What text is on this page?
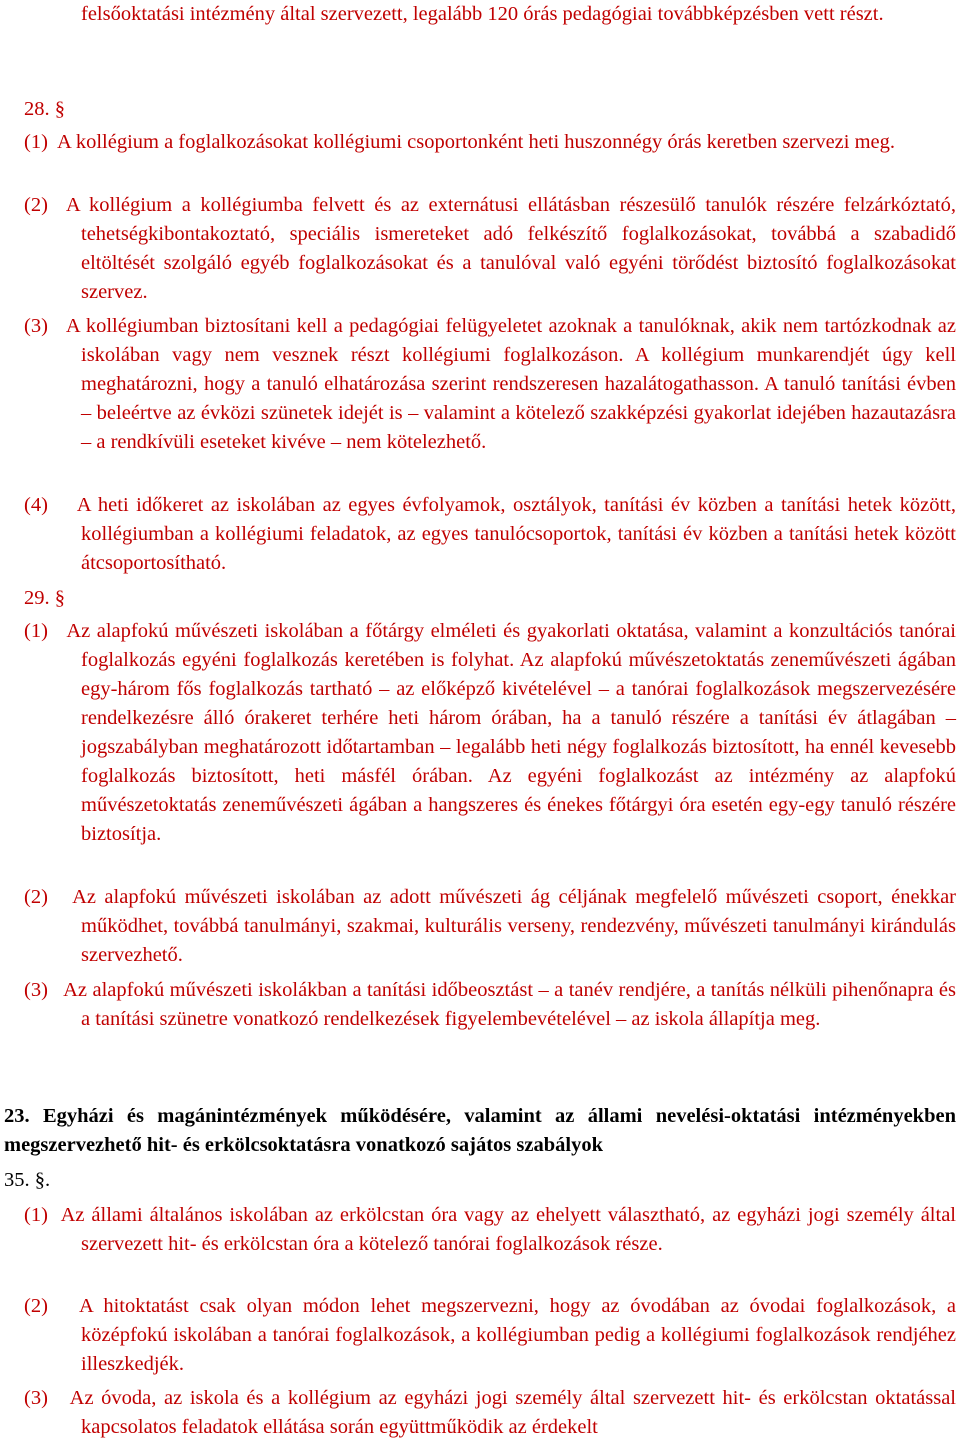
felsőoktatási intézmény által szervezett, legalább 120 órás pedagógiai továbbképzésben vett részt.

28. §

(1) A kollégium a foglalkozásokat kollégiumi csoportonként heti huszonnégy órás keretben szervezi meg.

(2) A kollégium a kollégiumba felvett és az externátusi ellátásban részesülő tanulók részére felzárkóztató, tehetségkibontakoztató, speciális ismereteket adó felkészítő foglalkozásokat, továbbá a szabadidő eltöltését szolgáló egyéb foglalkozásokat és a tanulóval való egyéni törődést biztosító foglalkozásokat szervez.

(3) A kollégiumban biztosítani kell a pedagógiai felügyeletet azoknak a tanulóknak, akik nem tartózkodnak az iskolában vagy nem vesznek részt kollégiumi foglalkozáson. A kollégium munkarendjét úgy kell meghatározni, hogy a tanuló elhatározása szerint rendszeresen hazalátogathasson. A tanuló tanítási évben – beleértve az évközi szünetek idejét is – valamint a kötelező szakképzési gyakorlat idejében hazautazásra – a rendkívüli eseteket kivéve – nem kötelezhető.

(4) A heti időkeret az iskolában az egyes évfolyamok, osztályok, tanítási év közben a tanítási hetek között, kollégiumban a kollégiumi feladatok, az egyes tanulócsoportok, tanítási év közben a tanítási hetek között átcsoportosítható.

29. §

(1) Az alapfokú művészeti iskolában a főtárgy elméleti és gyakorlati oktatása, valamint a konzultációs tanórai foglalkozás egyéni foglalkozás keretében is folyhat. Az alapfokú művészetoktatás zeneművészeti ágában egy-három fős foglalkozás tartható – az előképző kivételével – a tanórai foglalkozások megszervezésére rendelkezésre álló órakeret terhére heti három órában, ha a tanuló részére a tanítási év átlagában – jogszabályban meghatározott időtartamban – legalább heti négy foglalkozás biztosított, ha ennél kevesebb foglalkozás biztosított, heti másfél órában. Az egyéni foglalkozást az intézmény az alapfokú művészetoktatás zeneművészeti ágában a hangszeres és énekes főtárgyi óra esetén egy-egy tanuló részére biztosítja.

(2) Az alapfokú művészeti iskolában az adott művészeti ág céljának megfelelő művészeti csoport, énekkar működhet, továbbá tanulmányi, szakmai, kulturális verseny, rendezvény, művészeti tanulmányi kirándulás szervezhető.

(3) Az alapfokú művészeti iskolákban a tanítási időbeosztást – a tanév rendjére, a tanítás nélküli pihenőnapra és a tanítási szünetre vonatkozó rendelkezések figyelembevételével – az iskola állapítja meg.

23. Egyházi és magánintézmények működésére, valamint az állami nevelési-oktatási intézményekben megszervezhető hit- és erkölcsoktatásra vonatkozó sajátos szabályok

35. §.

(1) Az állami általános iskolában az erkölcstan óra vagy az ehelyett választható, az egyházi jogi személy által szervezett hit- és erkölcstan óra a kötelező tanórai foglalkozások része.

(2) A hitoktatást csak olyan módon lehet megszervezni, hogy az óvodában az óvodai foglalkozások, a középfokú iskolában a tanórai foglalkozások, a kollégiumban pedig a kollégiumi foglalkozások rendjéhez illeszkedjék.

(3) Az óvoda, az iskola és a kollégium az egyházi jogi személy által szervezett hit- és erkölcstan oktatással kapcsolatos feladatok ellátása során együttműködik az érdekelt
